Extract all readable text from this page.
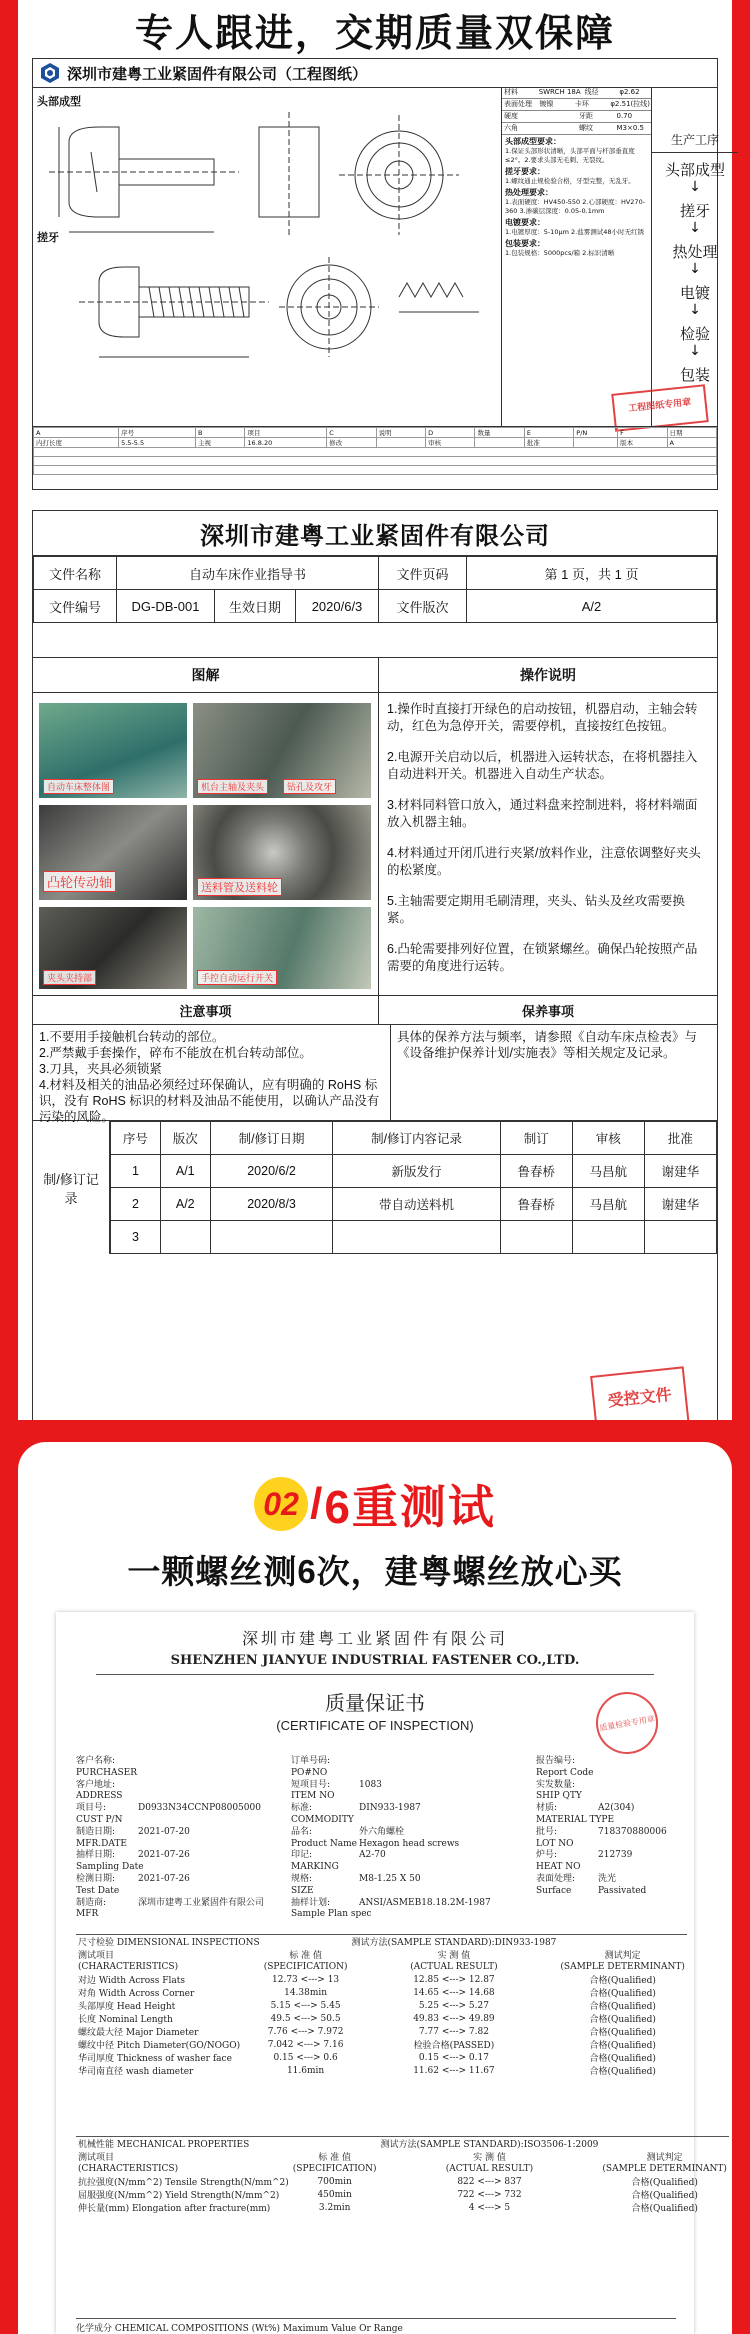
专人跟进，交期质量双保障
深圳市建粤工业紧固件有限公司（工程图纸）
头部成型
搓牙
材料	SWRCH 18A 线径	φ2.62
表面处理	镀镍	卡环	φ2.51(拉线)
硬度	牙距	0.70
六角	螺纹	M3×0.5
头部成型要求：
1.保证头部形状清晰，头部平面与杆部垂直度≤2°。2.要求头部无毛刺、无裂纹。
搓牙要求：
1.螺纹通止规检验合格，牙型完整，无乱牙。
热处理要求：
1.表面硬度：HV450-550 2.心部硬度：HV270-360 3.渗碳层深度：0.05-0.1mm
电镀要求：
1.电镀厚度：5-10μm 2.盐雾测试48小时无红锈
包装要求：
1.包装规格：5000pcs/箱 2.标识清晰
生产工序
头部成型
↓
搓牙
↓
热处理
↓
电镀
↓
检验
↓
包装
工程图纸专用章
A	序号	B	项目	C	说明	D	数量	E	P/N	F	日期
内打长度	5.5-5.5	主视	16.8.20	修改		审核		批准		版本	A

深圳市建粤工业紧固件有限公司
文件名称	自动车床作业指导书			文件页码	第 1 页，共 1 页
文件编号	DG-DB-001	生效日期	2020/6/3	文件版次	A/2
图解	操作说明
自动车床整体图	机台主轴及夹头	钻孔及攻牙
凸轮传动轴	送料管及送料轮
夹头夹持部	手控自动运行开关

1.操作时直接打开绿色的启动按钮，机器启动，主轴会转动，红色为急停开关，需要停机，直接按红色按钮。

2.电源开关启动以后，机器进入运转状态，在将机器挂入自动进料开关。机器进入自动生产状态。

3.材料同料管口放入，通过料盘来控制进料，将材料端面放入机器主轴。

4.材料通过开闭爪进行夹紧/放料作业，注意依调整好夹头的松紧度。

5.主轴需要定期用毛刷清理，夹头、钻头及丝攻需要换紧。

6.凸轮需要排列好位置，在锁紧螺丝。确保凸轮按照产品需要的角度进行运转。

注意事项	保养事项
1.不要用手接触机台转动的部位。
2.严禁戴手套操作，碎布不能放在机台转动部位。
3.刀具，夹具必须锁紧
4.材料及相关的油品必须经过环保确认，应有明确的 RoHS 标识，没有 RoHS 标识的材料及油品不能使用，以确认产品没有污染的风险。
具体的保养方法与频率，请参照《自动车床点检表》与《设备维护保养计划/实施表》等相关规定及记录。
制/修订记录
序号	版次	制/修订日期	制/修订内容记录	制订	审核	批准
1	A/1	2020/6/2	新版发行	鲁春桥	马昌航	谢建华
2	A/2	2020/8/3	带自动送料机	鲁春桥	马昌航	谢建华
3						
受控文件
02 / 6重测试
一颗螺丝测6次，建粤螺丝放心买
深圳市建粤工业紧固件有限公司
SHENZHEN JIANYUE INDUSTRIAL FASTENER CO.,LTD.
质量保证书
(CERTIFICATE OF INSPECTION)
客户名称:
PURCHASER
客户地址:
ADDRESS
项目号:	D0933N34CCNP08005000
CUST P/N
制造日期:	2021-07-20
MFR.DATE
抽样日期:	2021-07-26
Sampling Date
检测日期:	2021-07-26
Test Date
制造商:	深圳市建粤工业紧固件有限公司
MFR
订单号码:
PO#NO
短项目号:	1083
ITEM NO
标准:	DIN933-1987
COMMODITY
品名:	外六角螺栓
Product Name Hexagon head screws
印记:	A2-70
MARKING
规格:	M8-1.25 X 50
SIZE
抽样计划:	ANSI/ASMEB18.18.2M-1987
Sample Plan spec
报告编号:
Report Code
实发数量:
SHIP QTY
材质:	A2(304)
MATERIAL TYPE
批号:	718370880006
LOT NO
炉号:	212739
HEAT NO
表面处理:	洗光
Surface	Passivated
尺寸检验 DIMENSIONAL INSPECTIONS		测试方法(SAMPLE STANDARD):DIN933-1987	
测试项目	标 准 值	实 测 值	测试判定
(CHARACTERISTICS)	(SPECIFICATION)	(ACTUAL RESULT)	(SAMPLE DETERMINANT)
对边 Width Across Flats	12.73 <---> 13	12.85 <---> 12.87	合格(Qualified)
对角 Width Across Corner	14.38min	14.65 <---> 14.68	合格(Qualified)
头部厚度 Head Height	5.15 <---> 5.45	5.25 <---> 5.27	合格(Qualified)
长度 Nominal Length	49.5 <---> 50.5	49.83 <---> 49.89	合格(Qualified)
螺纹最大径 Major Diameter	7.76 <---> 7.972	7.77 <---> 7.82	合格(Qualified)
螺纹中径 Pitch Diameter(GO/NOGO)	7.042 <---> 7.16	检验合格(PASSED)	合格(Qualified)
华司厚度 Thickness of washer face	0.15 <---> 0.6	0.15 <---> 0.17	合格(Qualified)
华司南直径 wash diameter	11.6min	11.62 <---> 11.67	合格(Qualified)
机械性能 MECHANICAL PROPERTIES		测试方法(SAMPLE STANDARD):ISO3506-1:2009	
测试项目	标 准 值	实 测 值	测试判定
(CHARACTERISTICS)	(SPECIFICATION)	(ACTUAL RESULT)	(SAMPLE DETERMINANT)
抗拉强度(N/mm^2) Tensile Strength(N/mm^2)	700min	822 <---> 837	合格(Qualified)
屈服强度(N/mm^2) Yield Strength(N/mm^2)	450min	722 <---> 732	合格(Qualified)
伸长量(mm) Elongation after fracture(mm)	3.2min	4 <---> 5	合格(Qualified)
化学成分 CHEMICAL COMPOSITIONS (Wt%) Maximum Value Or Range
质量检验专用章
